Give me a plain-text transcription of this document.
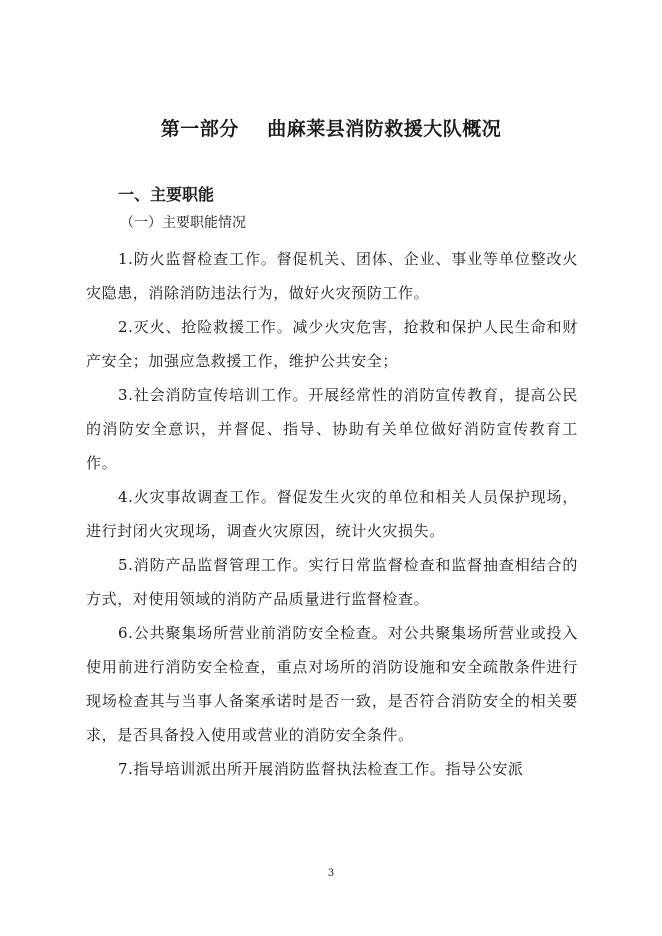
第一部分    曲麻莱县消防救援大队概况
一、主要职能
（一）主要职能情况

1.防火监督检查工作。督促机关、团体、企业、事业等单位整改火灾隐患，消除消防违法行为，做好火灾预防工作。

2.灭火、抢险救援工作。减少火灾危害，抢救和保护人民生命和财产安全；加强应急救援工作，维护公共安全；

3.社会消防宣传培训工作。开展经常性的消防宣传教育，提高公民的消防安全意识，并督促、指导、协助有关单位做好消防宣传教育工作。

4.火灾事故调查工作。督促发生火灾的单位和相关人员保护现场，进行封闭火灾现场，调查火灾原因，统计火灾损失。

5.消防产品监督管理工作。实行日常监督检查和监督抽查相结合的方式，对使用领域的消防产品质量进行监督检查。

6.公共聚集场所营业前消防安全检查。对公共聚集场所营业或投入使用前进行消防安全检查，重点对场所的消防设施和安全疏散条件进行现场检查其与当事人备案承诺时是否一致，是否符合消防安全的相关要求，是否具备投入使用或营业的消防安全条件。

7.指导培训派出所开展消防监督执法检查工作。指导公安派

3
